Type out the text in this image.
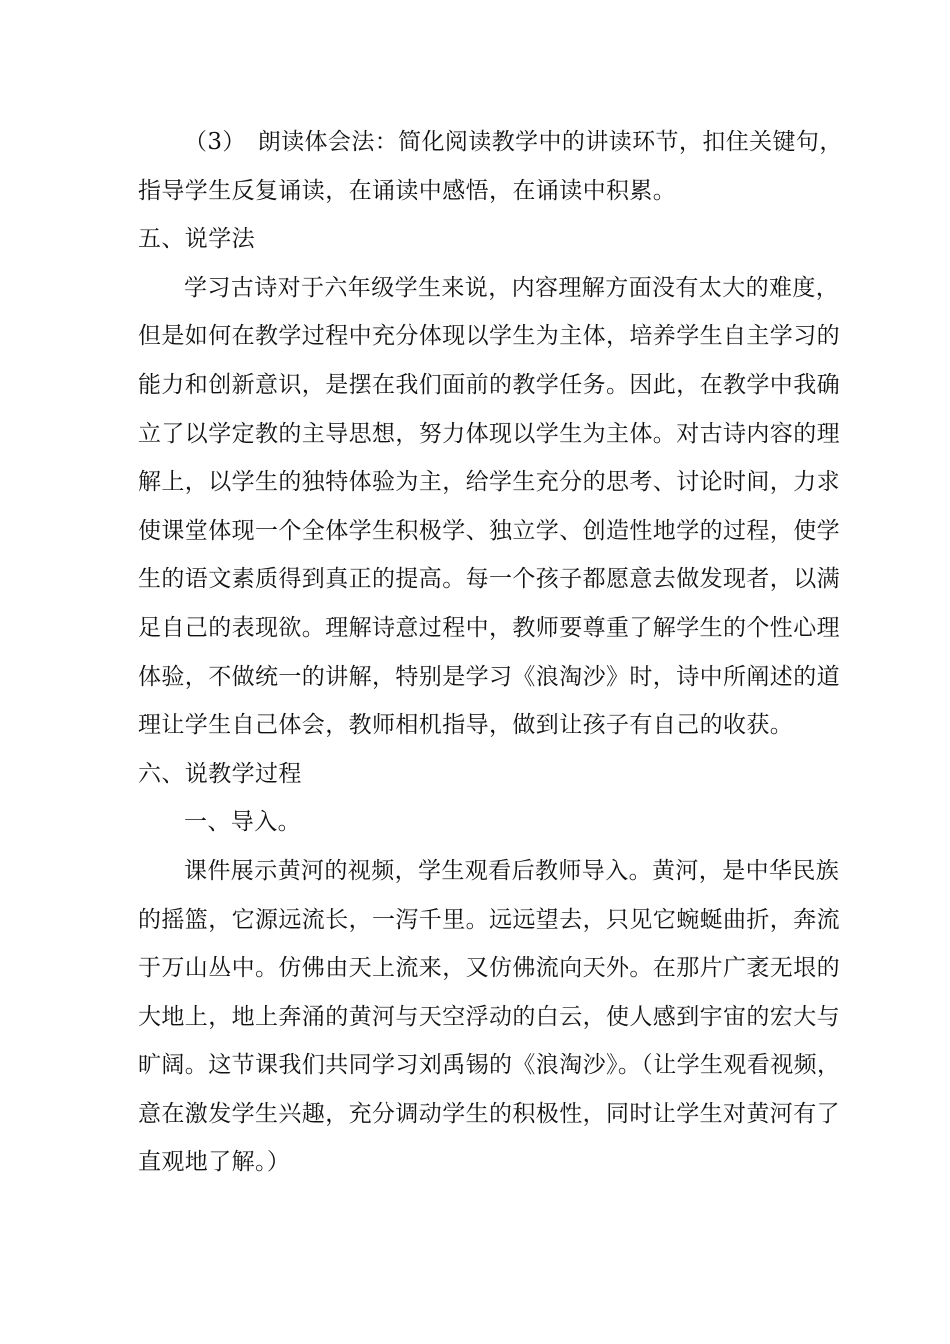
（3）　朗读体会法：简化阅读教学中的讲读环节，扣住关键句，
指导学生反复诵读，在诵读中感悟，在诵读中积累。
五、说学法
学习古诗对于六年级学生来说，内容理解方面没有太大的难度，
但是如何在教学过程中充分体现以学生为主体，培养学生自主学习的
能力和创新意识，是摆在我们面前的教学任务。因此，在教学中我确
立了以学定教的主导思想，努力体现以学生为主体。对古诗内容的理
解上，以学生的独特体验为主，给学生充分的思考、讨论时间，力求
使课堂体现一个全体学生积极学、独立学、创造性地学的过程，使学
生的语文素质得到真正的提高。每一个孩子都愿意去做发现者，以满
足自己的表现欲。理解诗意过程中，教师要尊重了解学生的个性心理
体验，不做统一的讲解，特别是学习《浪淘沙》时，诗中所阐述的道
理让学生自己体会，教师相机指导，做到让孩子有自己的收获。
六、说教学过程
一、导入。
课件展示黄河的视频，学生观看后教师导入。黄河，是中华民族
的摇篮，它源远流长，一泻千里。远远望去，只见它蜿蜒曲折，奔流
于万山丛中。仿佛由天上流来，又仿佛流向天外。在那片广袤无垠的
大地上，地上奔涌的黄河与天空浮动的白云，使人感到宇宙的宏大与
旷阔。这节课我们共同学习刘禹锡的《浪淘沙》。（让学生观看视频，
意在激发学生兴趣，充分调动学生的积极性，同时让学生对黄河有了
直观地了解。）
